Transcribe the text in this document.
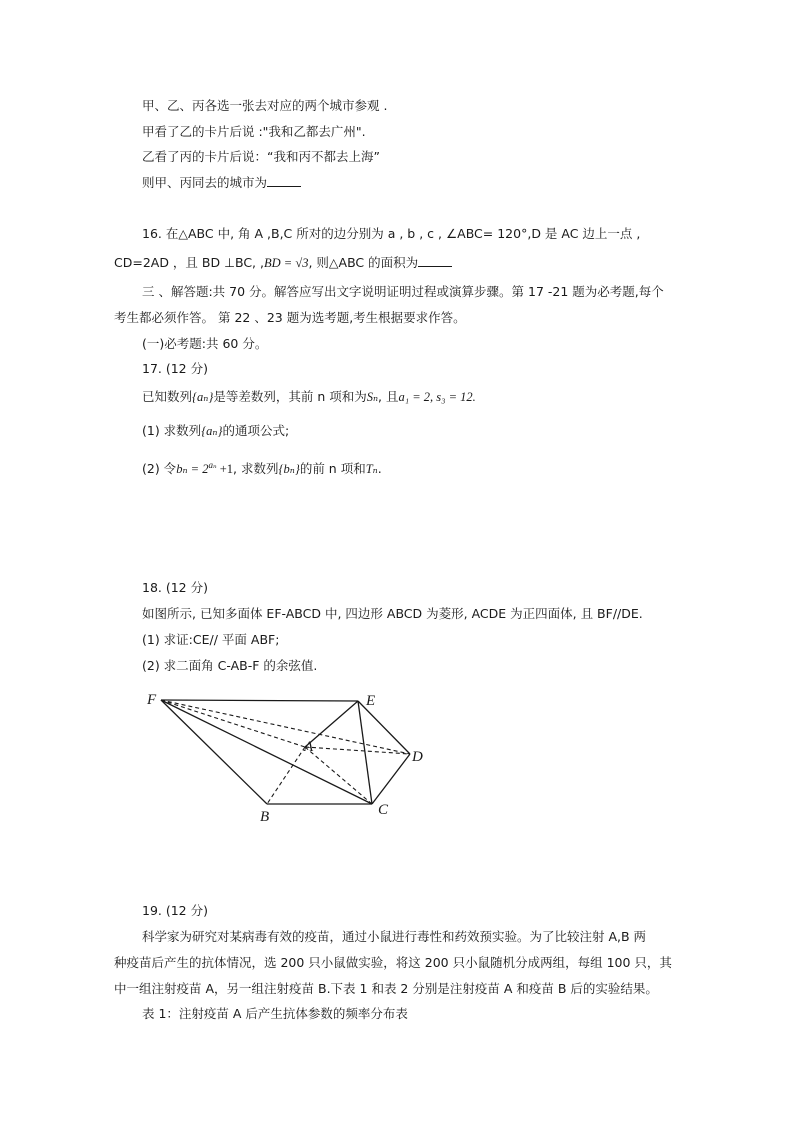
甲、乙、丙各选一张去对应的两个城市参观 .
甲看了乙的卡片后说 :"我和乙都去广州".
乙看了丙的卡片后说：“我和丙不都去上海”
则甲、丙同去的城市为
16. 在△ABC 中, 角 A ,B,C 所对的边分别为 a , b , c , ∠ABC= 120°,D 是 AC 边上一点 ,
CD=2AD ，且 BD ⊥BC, ,BD = √3, 则△ABC 的面积为
三 、解答题:共 70 分。解答应写出文字说明证明过程或演算步骤。第 17 -21 题为必考题,每个
考生都必须作答。 第 22 、23 题为选考题,考生根据要求作答。
(一)必考题:共 60 分。
17. (12 分)
已知数列{aₙ}是等差数列，其前 n 项和为Sₙ, 且a₁ = 2, s₃ = 12.
(1) 求数列{aₙ}的通项公式;
(2) 令$b_n = 2^{a_n} +1$, 求数列{bₙ}的前 n 项和Tₙ.
18. (12 分)
如图所示, 已知多面体 EF-ABCD 中, 四边形 ABCD 为菱形, ACDE 为正四面体, 且 BF//DE.
(1) 求证:CE// 平面 ABF;
(2) 求二面角 C-AB-F 的余弦值.
F	E
A
D
B	C
19. (12 分)
科学家为研究对某病毒有效的疫苗，通过小鼠进行毒性和药效预实验。为了比较注射 A,B 两
种疫苗后产生的抗体情况，选 200 只小鼠做实验，将这 200 只小鼠随机分成两组，每组 100 只，其
中一组注射疫苗 A，另一组注射疫苗 B.下表 1 和表 2 分别是注射疫苗 A 和疫苗 B 后的实验结果。
表 1：注射疫苗 A 后产生抗体参数的频率分布表
